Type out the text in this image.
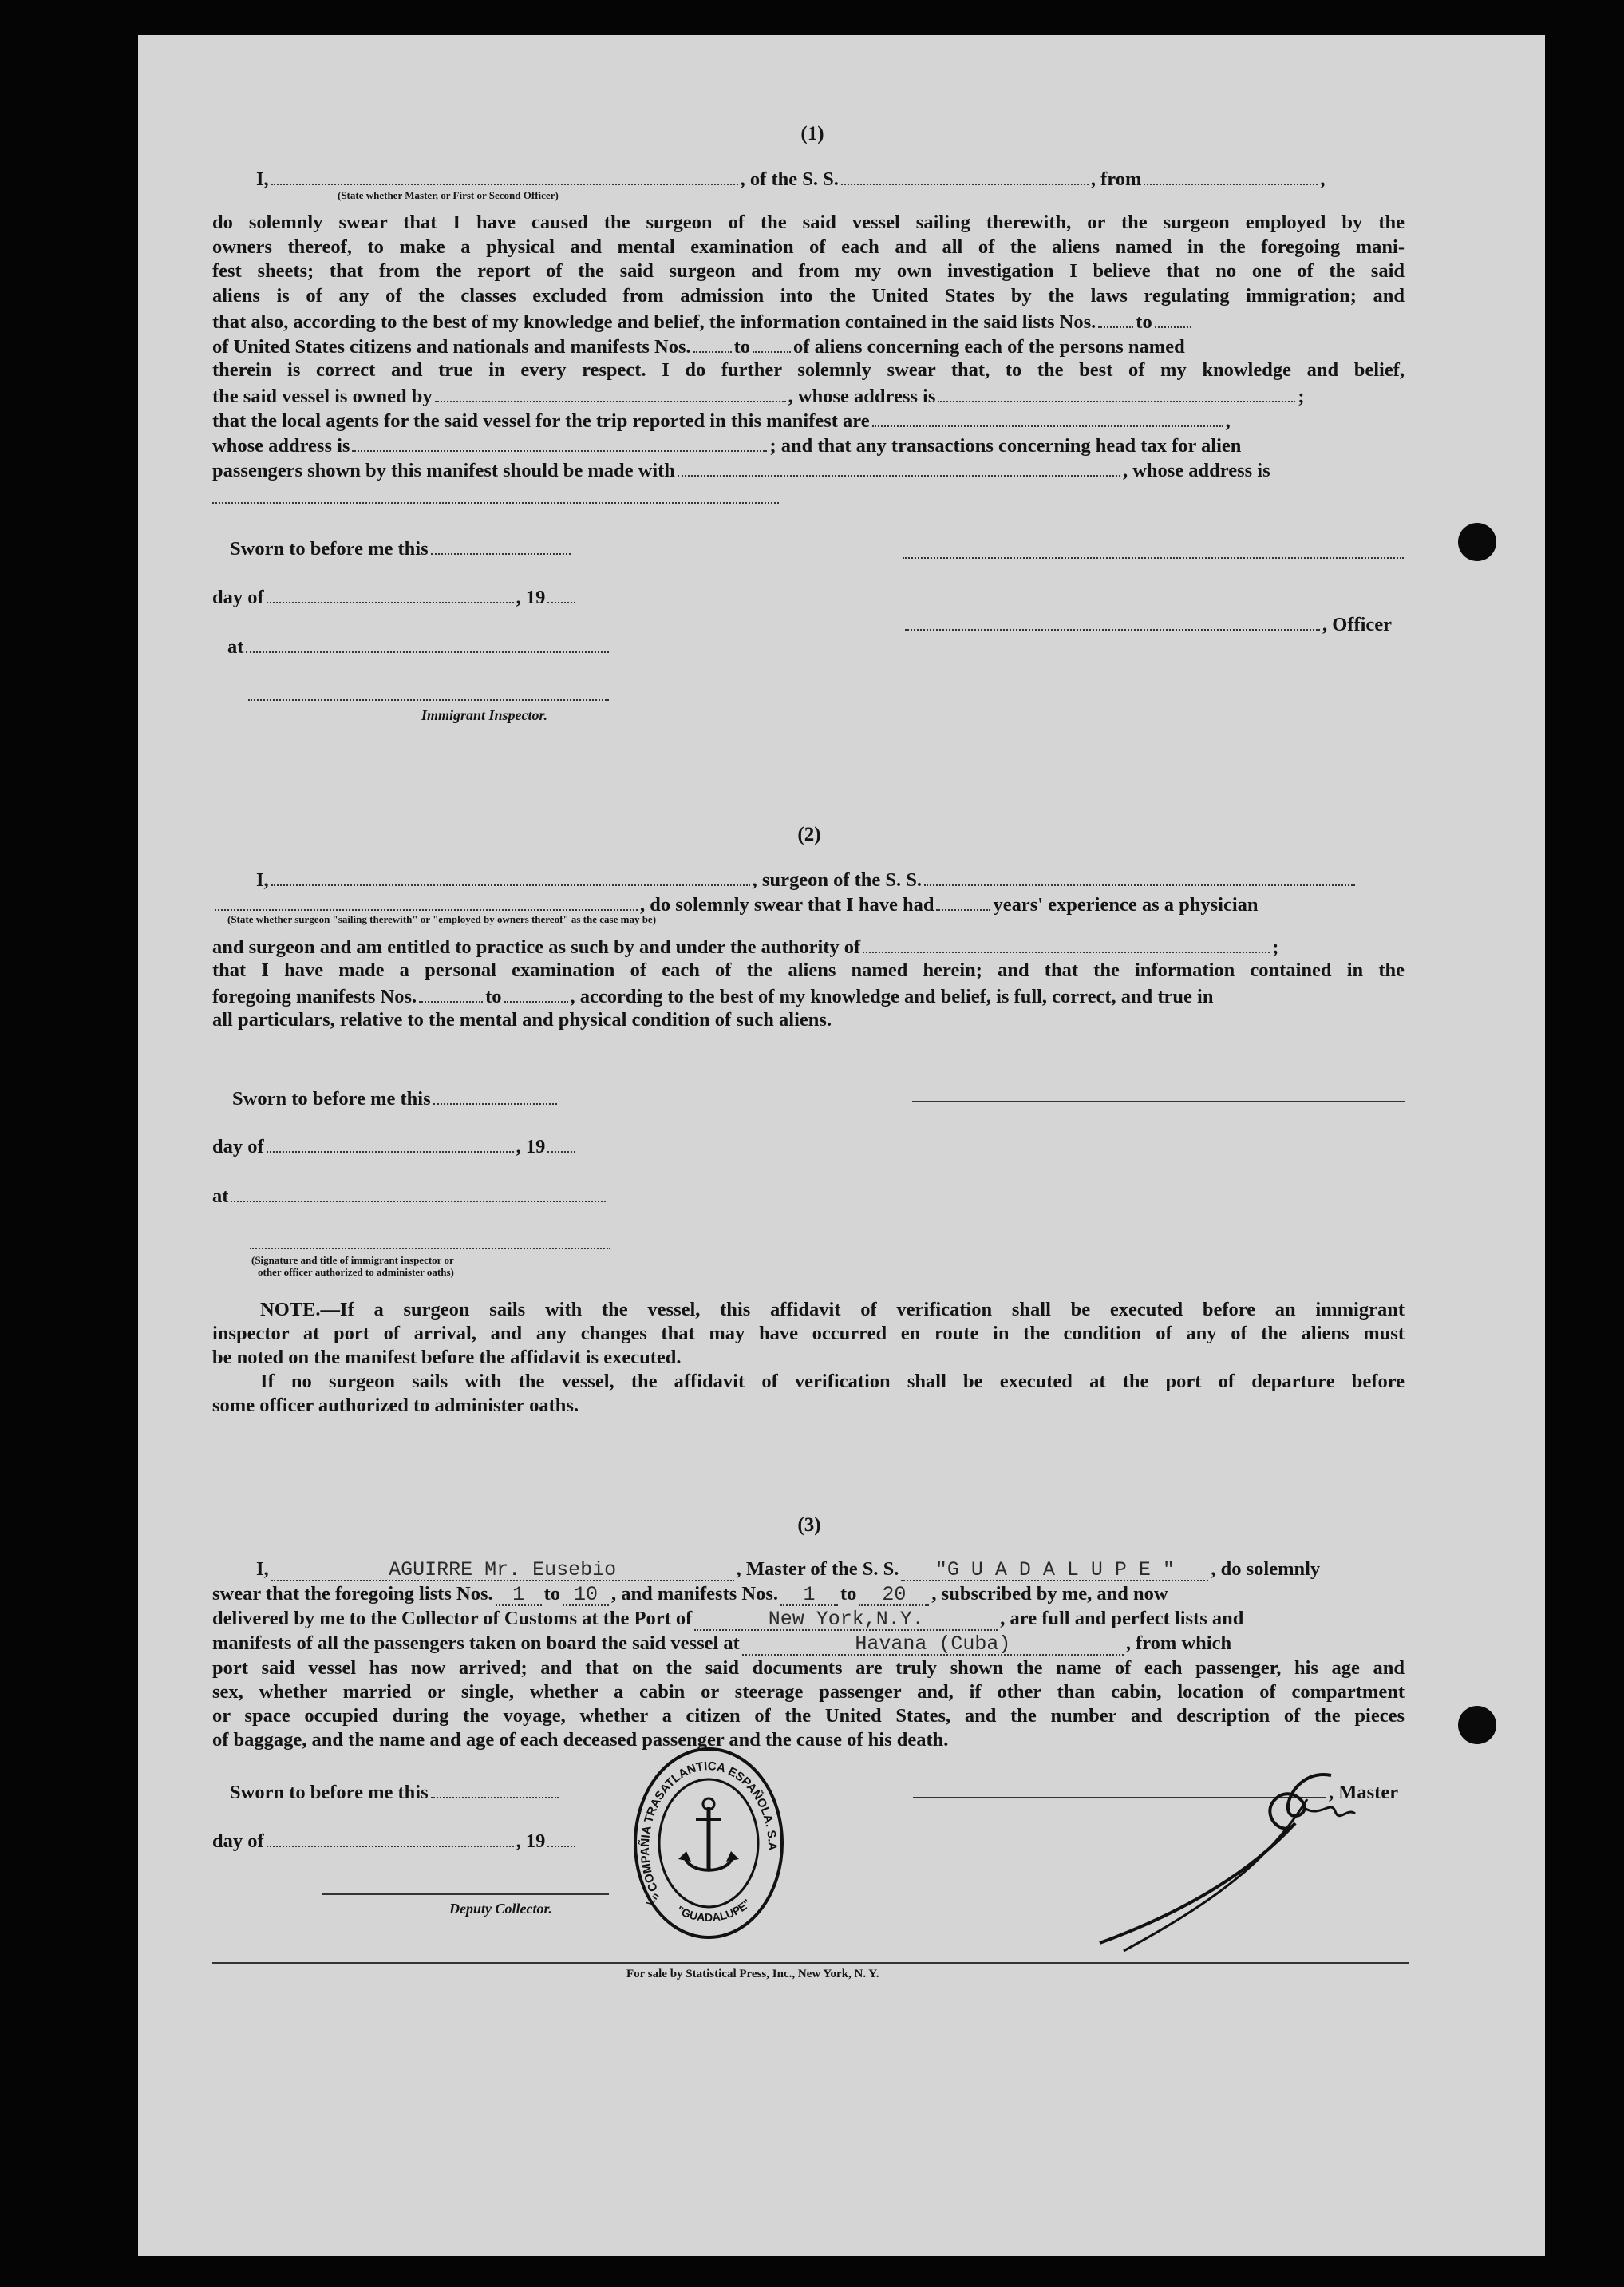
(1)
I,	, of the S. S.	, from	,
(State whether Master, or First or Second Officer)
do solemnly swear that I have caused the surgeon of the said vessel sailing therewith, or the surgeon employed by the
owners thereof, to make a physical and mental examination of each and all of the aliens named in the foregoing mani-
fest sheets; that from the report of the said surgeon and from my own investigation I believe that no one of the said
aliens is of any of the classes excluded from admission into the United States by the laws regulating immigration; and
that also, according to the best of my knowledge and belief, the information contained in the said lists Nos. to
of United States citizens and nationals and manifests Nos. to of aliens concerning each of the persons named
therein is correct and true in every respect. I do further solemnly swear that, to the best of my knowledge and belief,
the said vessel is owned by	, whose address is	;
that the local agents for the said vessel for the trip reported in this manifest are	,
whose address is	; and that any transactions concerning head tax for alien
passengers shown by this manifest should be made with	, whose address is
Sworn to before me this
day of	, 19
at
Immigrant Inspector.
, Officer
(2)
I,	, surgeon of the S. S.
, do solemnly swear that I have had	years' experience as a physician
(State whether surgeon "sailing therewith" or "employed by owners thereof" as the case may be)
and surgeon and am entitled to practice as such by and under the authority of	;
that I have made a personal examination of each of the aliens named herein; and that the information contained in the
foregoing manifests Nos.	to	, according to the best of my knowledge and belief, is full, correct, and true in
all particulars, relative to the mental and physical condition of such aliens.
Sworn to before me this
day of	, 19
at
(Signature and title of immigrant inspector or
other officer authorized to administer oaths)
NOTE.—If a surgeon sails with the vessel, this affidavit of verification shall be executed before an immigrant
inspector at port of arrival, and any changes that may have occurred en route in the condition of any of the aliens must
be noted on the manifest before the affidavit is executed.
If no surgeon sails with the vessel, the affidavit of verification shall be executed at the port of departure before
some officer authorized to administer oaths.
(3)
I,	AGUIRRE Mr. Eusebio	, Master of the S. S. "G U A D A L U P E " , do solemnly
swear that the foregoing lists Nos. 1 to 10 , and manifests Nos. 1 to 20 , subscribed by me, and now
delivered by me to the Collector of Customs at the Port of	New York,N.Y.	, are full and perfect lists and
manifests of all the passengers taken on board the said vessel at	Havana (Cuba)	, from which
port said vessel has now arrived; and that on the said documents are truly shown the name of each passenger, his age and
sex, whether married or single, whether a cabin or steerage passenger and, if other than cabin, location of compartment
or space occupied during the voyage, whether a citizen of the United States, and the number and description of the pieces
of baggage, and the name and age of each deceased passenger and the cause of his death.
Sworn to before me this
day of	, 19
Deputy Collector.
, Master
COMPAÑIA TRASATLANTICA ESPAÑOLA. S.A
"GUADALUPE"
V.n
For sale by Statistical Press, Inc., New York, N. Y.
